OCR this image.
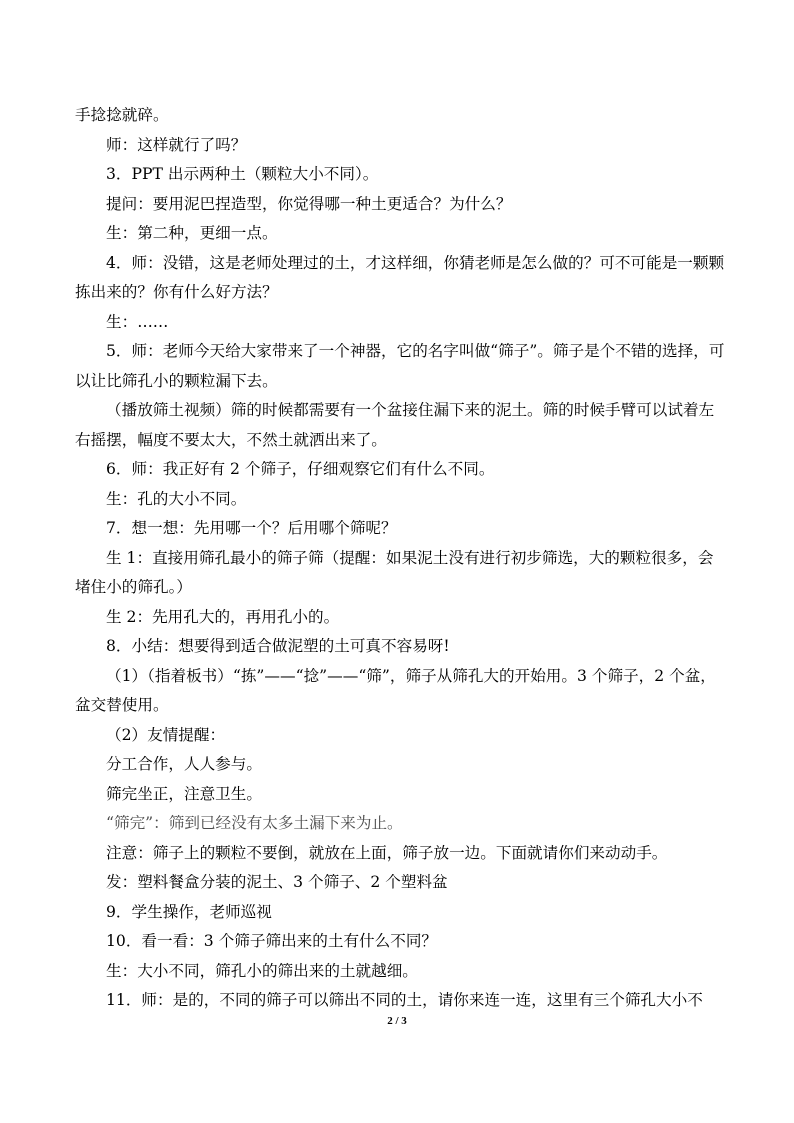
手捻捻就碎。

师：这样就行了吗？

3．PPT 出示两种土（颗粒大小不同）。

提问：要用泥巴捏造型，你觉得哪一种土更适合？为什么？

生：第二种，更细一点。

4．师：没错，这是老师处理过的土，才这样细，你猜老师是怎么做的？可不可能是一颗颗拣出来的？你有什么好方法？

生：……

5．师：老师今天给大家带来了一个神器，它的名字叫做“筛子”。筛子是个不错的选择，可以让比筛孔小的颗粒漏下去。

（播放筛土视频）筛的时候都需要有一个盆接住漏下来的泥土。筛的时候手臂可以试着左右摇摆，幅度不要太大，不然土就洒出来了。

6．师：我正好有 2 个筛子，仔细观察它们有什么不同。

生：孔的大小不同。

7．想一想：先用哪一个？后用哪个筛呢？

生 1：直接用筛孔最小的筛子筛（提醒：如果泥土没有进行初步筛选，大的颗粒很多，会堵住小的筛孔。）

生 2：先用孔大的，再用孔小的。

8．小结：想要得到适合做泥塑的土可真不容易呀!

（1）（指着板书）“拣”——“捻”——“筛”，筛子从筛孔大的开始用。3 个筛子，2 个盆，盆交替使用。

（2）友情提醒：

分工合作，人人参与。

筛完坐正，注意卫生。

“筛完”：筛到已经没有太多土漏下来为止。

注意：筛子上的颗粒不要倒，就放在上面，筛子放一边。下面就请你们来动动手。

发：塑料餐盒分装的泥土、3 个筛子、2 个塑料盆

9．学生操作，老师巡视

10．看一看：3 个筛子筛出来的土有什么不同？

生：大小不同，筛孔小的筛出来的土就越细。

11．师：是的，不同的筛子可以筛出不同的土，请你来连一连，这里有三个筛孔大小不

2 / 3
